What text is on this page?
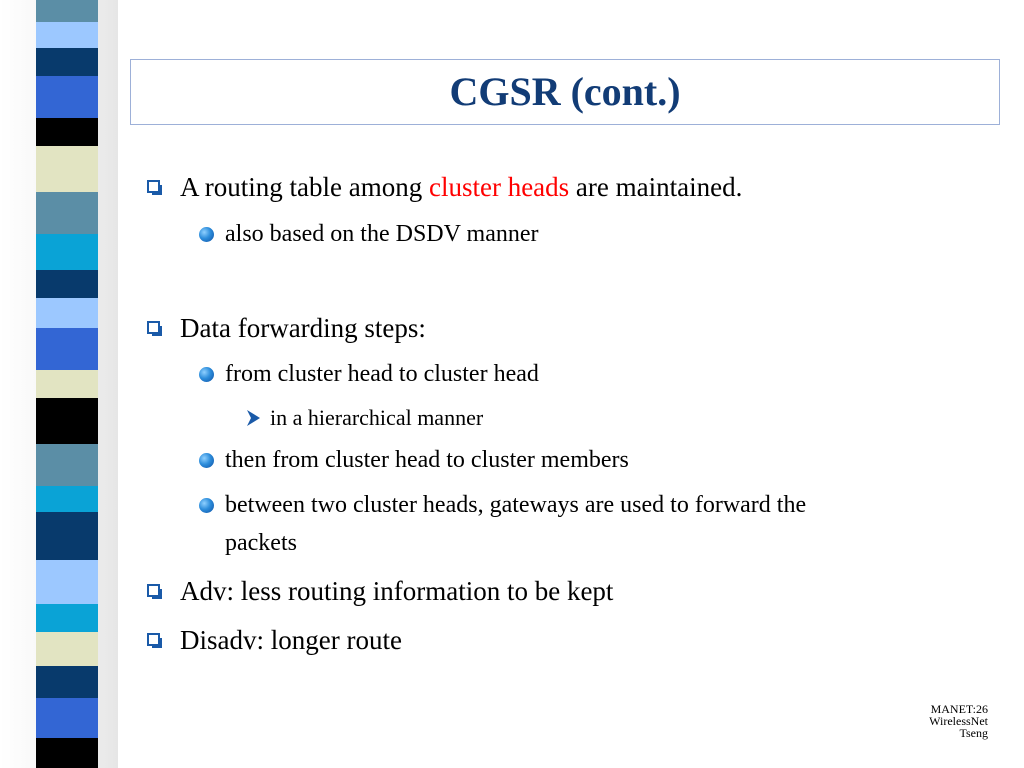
CGSR (cont.)

A routing table among cluster heads are maintained.

also based on the DSDV manner

Data forwarding steps:

from cluster head to cluster head

in a hierarchical manner

then from cluster head to cluster members

between two cluster heads, gateways are used to forward the

packets

Adv: less routing information to be kept

Disadv: longer route

MANET:26
WirelessNet
Tseng
